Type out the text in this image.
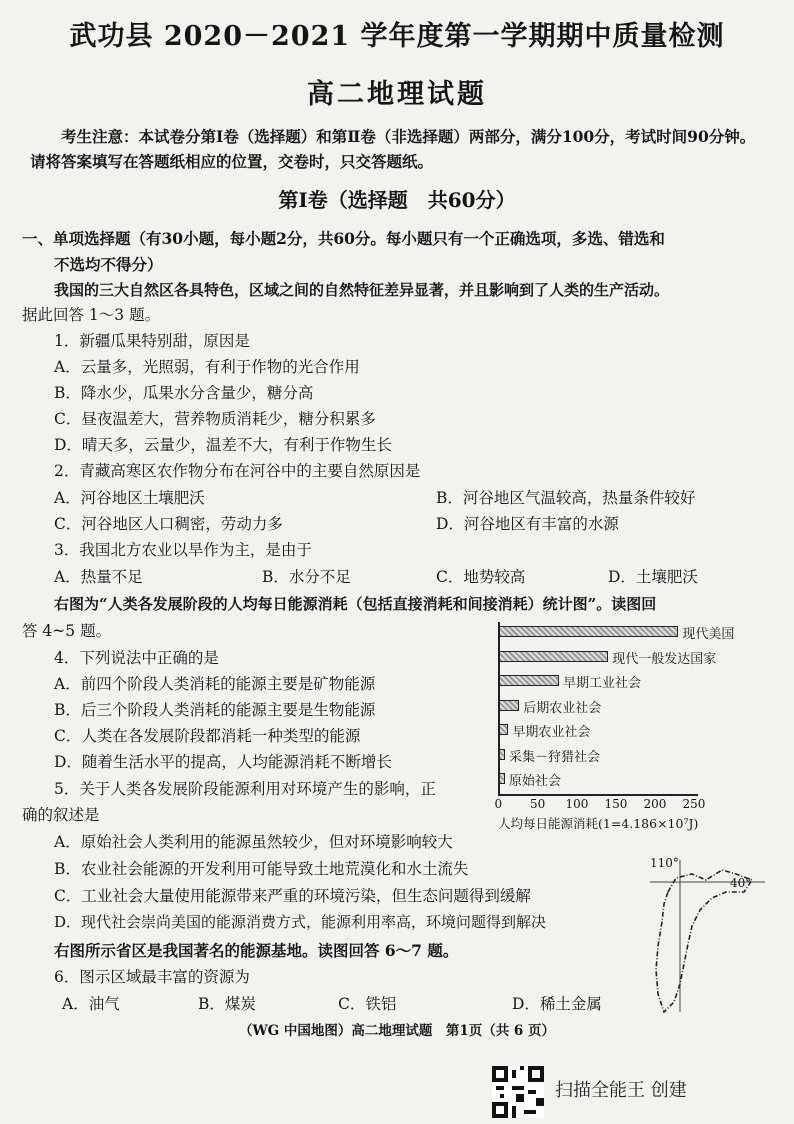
武功县 2020－2021 学年度第一学期期中质量检测
高二地理试题
考生注意：本试卷分第Ⅰ卷（选择题）和第Ⅱ卷（非选择题）两部分，满分100分，考试时间90分钟。请将答案填写在答题纸相应的位置，交卷时，只交答题纸。
第Ⅰ卷（选择题　共60分）
一、单项选择题（有30小题，每小题2分，共60分。每小题只有一个正确选项，多选、错选和
不选均不得分）
我国的三大自然区各具特色，区域之间的自然特征差异显著，并且影响到了人类的生产活动。
据此回答 1～3 题。
1．新疆瓜果特别甜，原因是
A．云量多，光照弱，有利于作物的光合作用
B．降水少，瓜果水分含量少，糖分高
C．昼夜温差大，营养物质消耗少，糖分积累多
D．晴天多，云量少，温差不大，有利于作物生长
2．青藏高寒区农作物分布在河谷中的主要自然原因是
A．河谷地区土壤肥沃	B．河谷地区气温较高，热量条件较好
C．河谷地区人口稠密，劳动力多	D．河谷地区有丰富的水源
3．我国北方农业以旱作为主，是由于
A．热量不足	B．水分不足	C．地势较高	D．土壤肥沃
右图为“人类各发展阶段的人均每日能源消耗（包括直接消耗和间接消耗）统计图”。读图回
答 4~5 题。
4．下列说法中正确的是
A．前四个阶段人类消耗的能源主要是矿物能源
B．后三个阶段人类消耗的能源主要是生物能源
C．人类在各发展阶段都消耗一种类型的能源
D．随着生活水平的提高，人均能源消耗不断增长
5．关于人类各发展阶段能源利用对环境产生的影响，正
确的叙述是
A．原始社会人类利用的能源虽然较少，但对环境影响较大
B．农业社会能源的开发利用可能导致土地荒漠化和水土流失
C．工业社会大量使用能源带来严重的环境污染，但生态问题得到缓解
D．现代社会崇尚美国的能源消费方式，能源利用率高，环境问题得到解决
右图所示省区是我国著名的能源基地。读图回答 6～7 题。
6．图示区域最丰富的资源为
A．油气	B．煤炭	C．铁铝	D．稀土金属
现代美国
现代一般发达国家
早期工业社会
后期农业社会
早期农业社会
采集－狩猎社会
原始社会
0 50 100 150 200 250
人均每日能源消耗(1=4.186×10⁷J)
110°
40°
（WG 中国地图）高二地理试题　第1页（共 6 页）
扫描全能王 创建
